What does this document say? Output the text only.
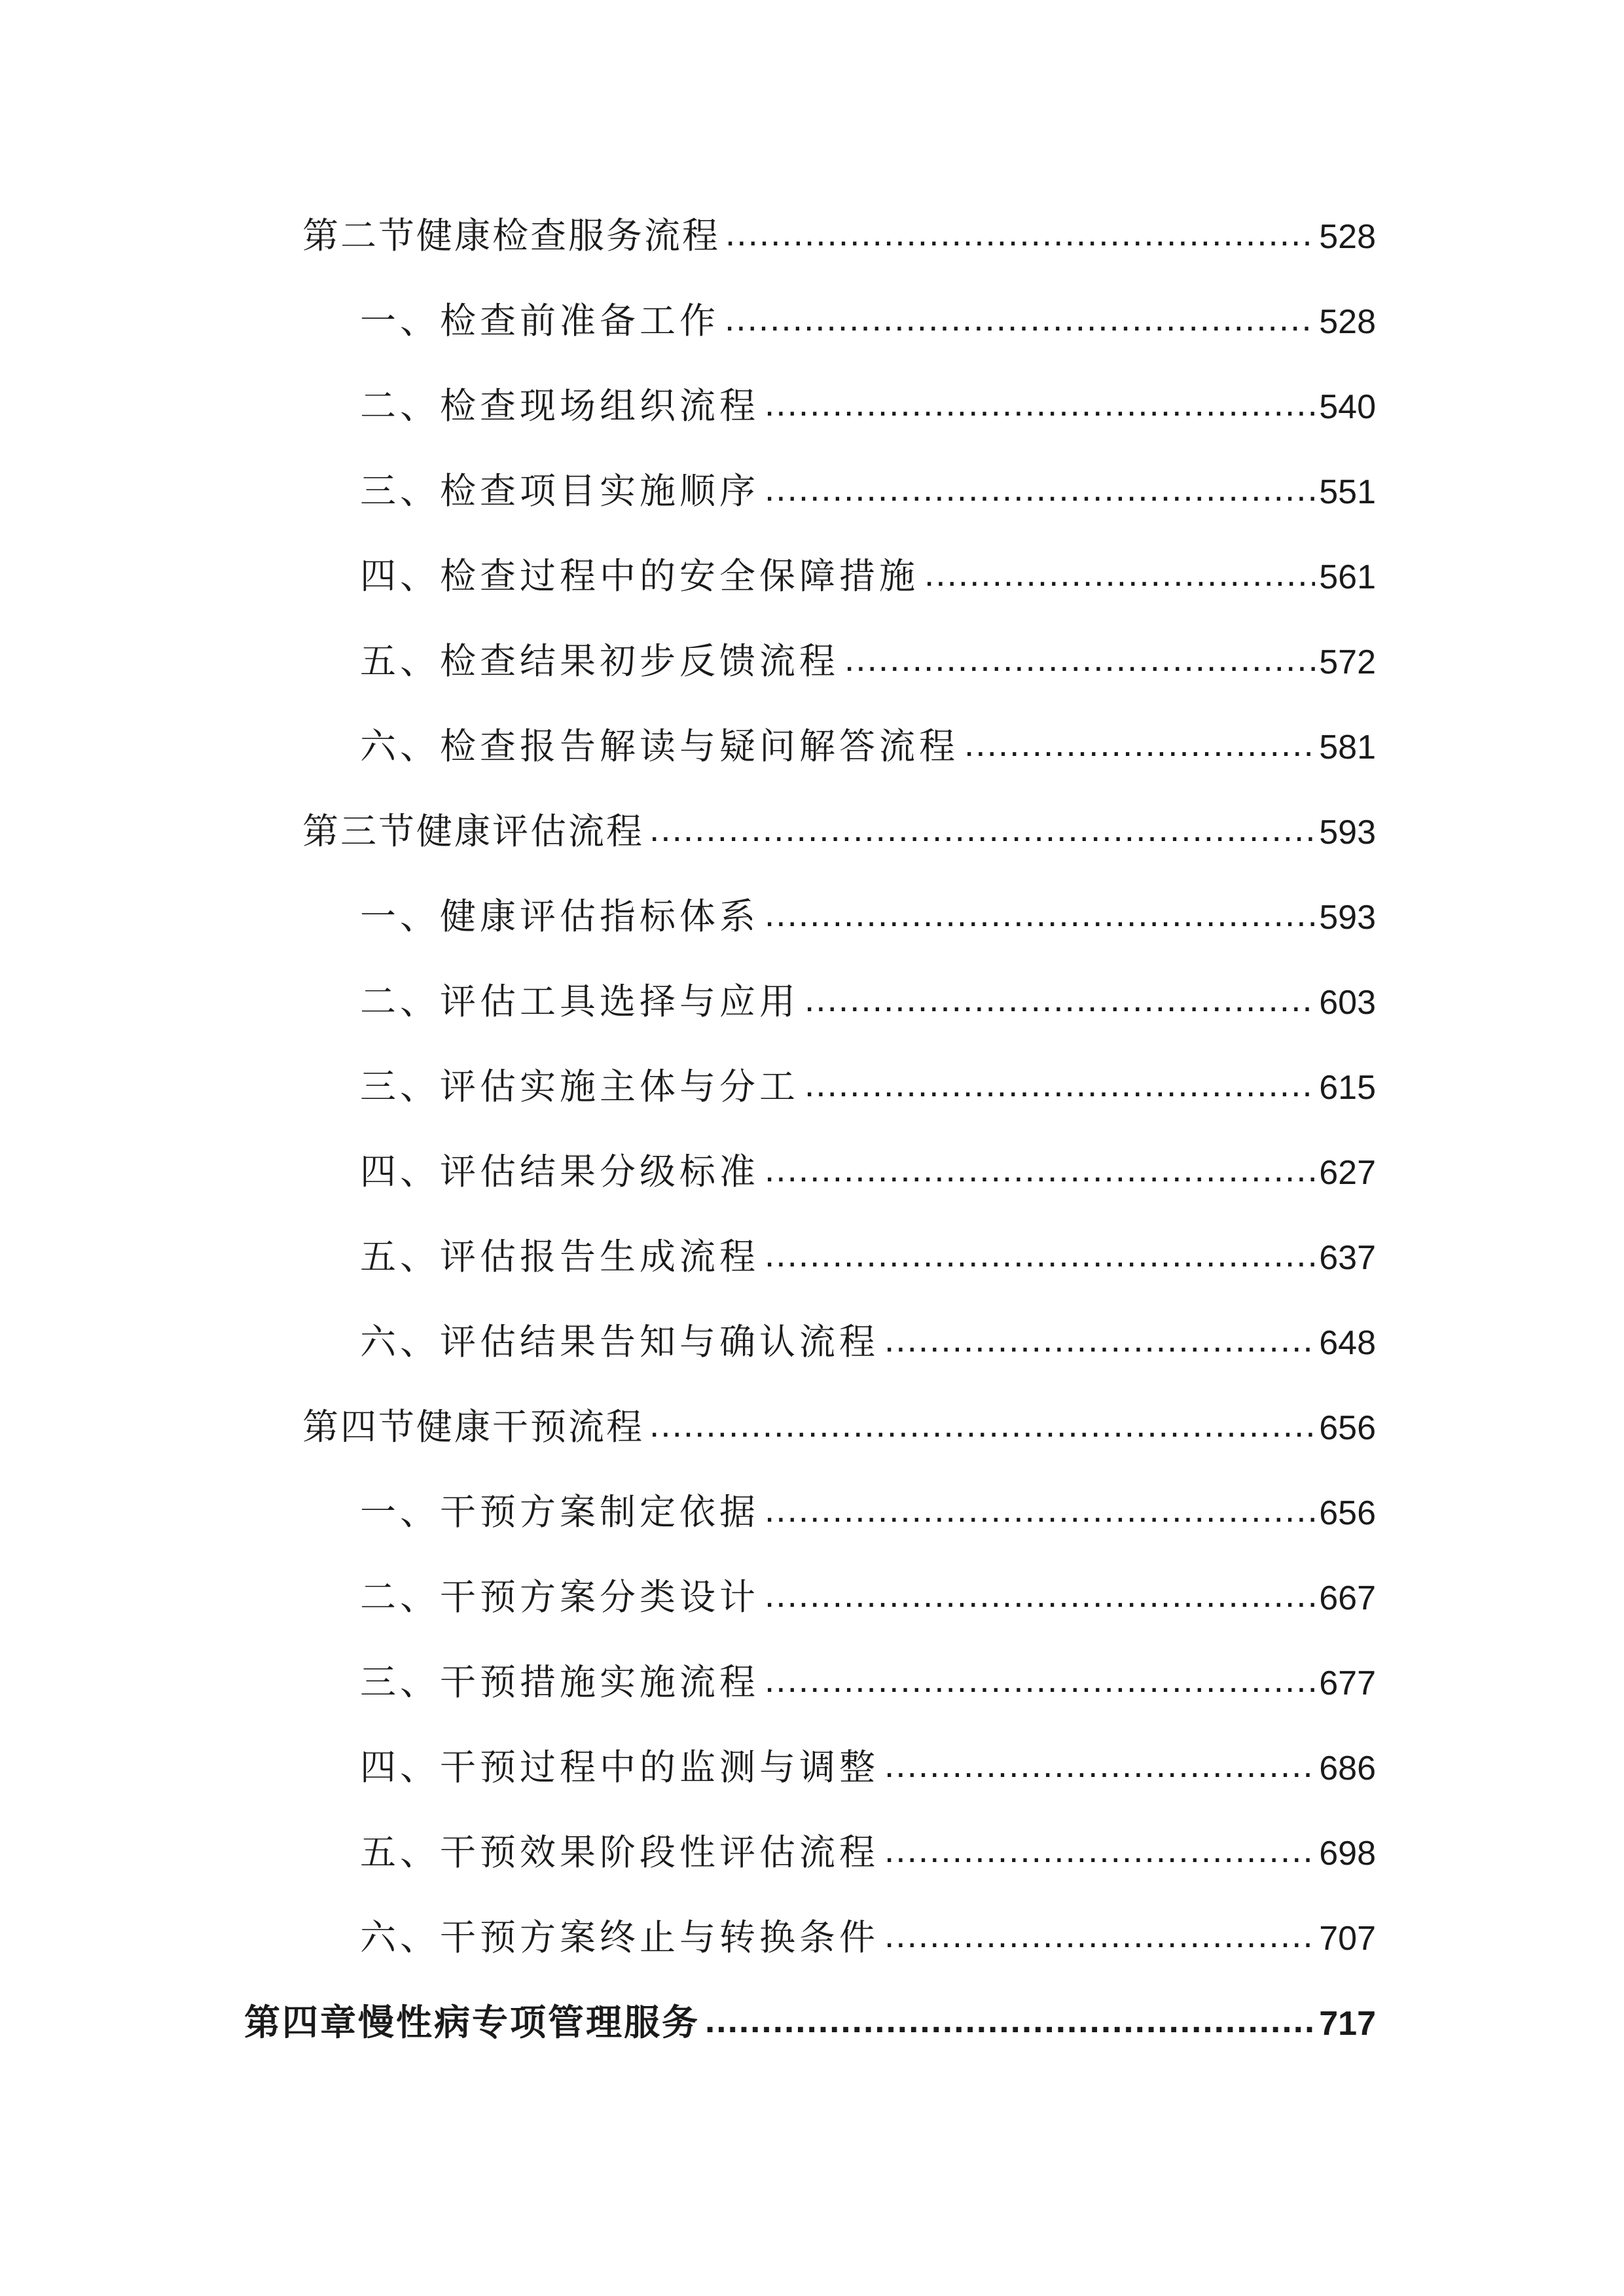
第二节健康检查服务流程 .....	528
一、检查前准备工作 .....	528
二、检查现场组织流程 .....	540
三、检查项目实施顺序 .....	551
四、检查过程中的安全保障措施 .....	561
五、检查结果初步反馈流程 .....	572
六、检查报告解读与疑问解答流程 .....	581
第三节健康评估流程 .....	593
一、健康评估指标体系 .....	593
二、评估工具选择与应用 .....	603
三、评估实施主体与分工 .....	615
四、评估结果分级标准 .....	627
五、评估报告生成流程 .....	637
六、评估结果告知与确认流程 .....	648
第四节健康干预流程 .....	656
一、干预方案制定依据 .....	656
二、干预方案分类设计 .....	667
三、干预措施实施流程 .....	677
四、干预过程中的监测与调整 .....	686
五、干预效果阶段性评估流程 .....	698
六、干预方案终止与转换条件 .....	707
第四章慢性病专项管理服务 .....	717
